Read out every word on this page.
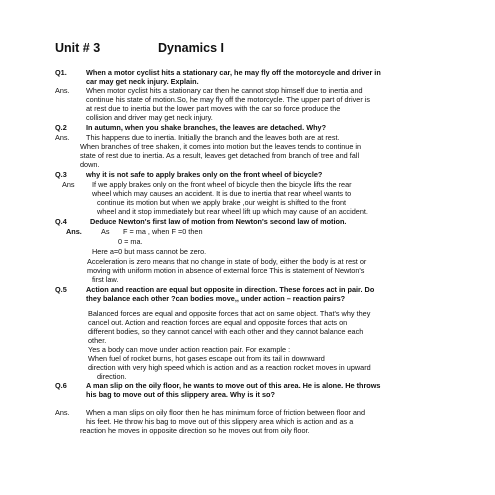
Unit # 3	Dynamics I
Q1.	When a motor cyclist hits a stationary car, he may fly off the motorcycle and driver in
car may get neck injury. Explain.
Ans. When motor cyclist hits a stationary car then he cannot stop himself due to inertia and
continue his state of motion.So, he may fly off the motorcycle. The upper part of driver is
at rest due to inertia but the lower part moves with the car so force produce the
collision and driver may get neck injury.
Q.2	In autumn, when you shake branches, the leaves are detached. Why?
Ans. This happens due to inertia. Initially the branch and the leaves both are at rest.
When branches of tree shaken, it comes into motion but the leaves tends to continue in
state of rest due to inertia. As a result, leaves get detached from branch of tree and fall
down.
Q.3	why it is not safe to apply brakes only on the front wheel of bicycle?
Ans If we apply brakes only on the front wheel of bicycle then the bicycle lifts the rear
wheel which may causes an accident. It is due to inertia that rear wheel wants to
continue its motion but when we apply brake ,our weight is shifted to the front
wheel and it stop immediately but rear wheel lift up which may cause of an accident.
Q.4	Deduce Newton's first law of motion from Newton's second law of motion.
Ans.	As F = ma , when F =0 then
0 = ma.
Here a=0 but mass cannot be zero.
Acceleration is zero means that no change in state of body, either the body is at rest or
moving with uniform motion in absence of external force This is statement of Newton's
first law.
Q.5	Action and reaction are equal but opposite in direction. These forces act in pair. Do
they balance each other ?can bodies move,, under action – reaction pairs?
Balanced forces are equal and opposite forces that act on same object. That's why they
cancel out. Action and reaction forces are equal and opposite forces that acts on
different bodies, so they cannot cancel with each other and they cannot balance each
other.
Yes a body can move under action reaction pair. For example :
When fuel of rocket burns, hot gases escape out from its tail in downward
direction with very high speed which is action and as a reaction rocket moves in upward
direction.
Q.6	A man slip on the oily floor, he wants to move out of this area. He is alone. He throws
his bag to move out of this slippery area. Why is it so?
Ans. When a man slips on oily floor then he has minimum force of friction between floor and
his feet. He throw his bag to move out of this slippery area which is action and as a
reaction he moves in opposite direction so he moves out from oily floor.
